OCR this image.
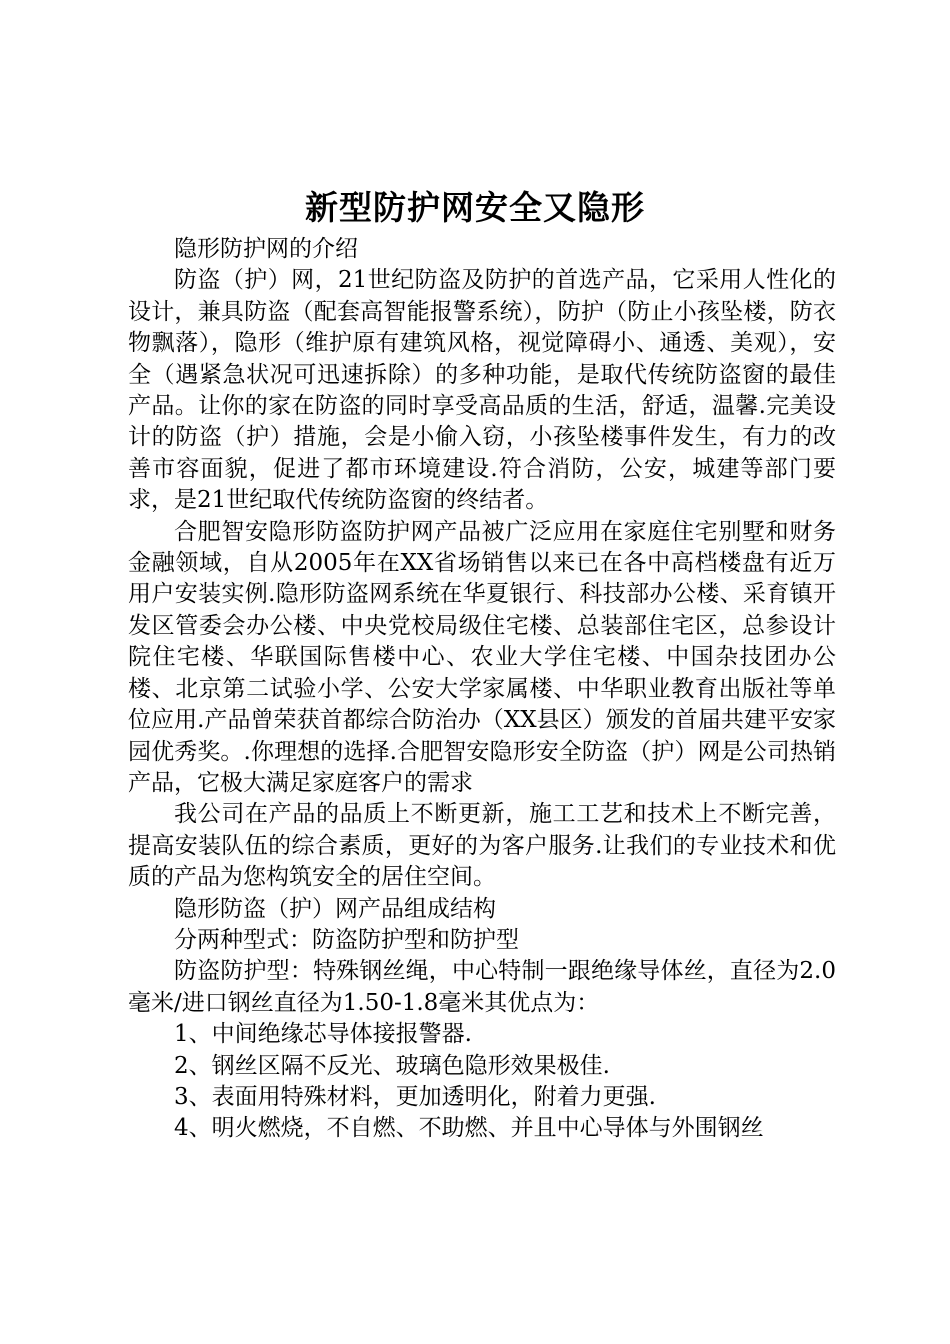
新型防护网安全又隐形

隐形防护网的介绍

防盗（护）网，21世纪防盗及防护的首选产品，它采用人性化的设计，兼具防盗（配套高智能报警系统），防护（防止小孩坠楼，防衣物飘落），隐形（维护原有建筑风格，视觉障碍小、通透、美观），安全（遇紧急状况可迅速拆除）的多种功能，是取代传统防盗窗的最佳产品。让你的家在防盗的同时享受高品质的生活，舒适，温馨.完美设计的防盗（护）措施，会是小偷入窃，小孩坠楼事件发生，有力的改善市容面貌，促进了都市环境建设.符合消防，公安，城建等部门要求，是21世纪取代传统防盗窗的终结者。

合肥智安隐形防盗防护网产品被广泛应用在家庭住宅别墅和财务金融领域，自从2005年在XX省场销售以来已在各中高档楼盘有近万用户安装实例.隐形防盗网系统在华夏银行、科技部办公楼、采育镇开发区管委会办公楼、中央党校局级住宅楼、总装部住宅区，总参设计院住宅楼、华联国际售楼中心、农业大学住宅楼、中国杂技团办公楼、北京第二试验小学、公安大学家属楼、中华职业教育出版社等单位应用.产品曾荣获首都综合防治办（XX县区）颁发的首届共建平安家园优秀奖。.你理想的选择.合肥智安隐形安全防盗（护）网是公司热销产品，它极大满足家庭客户的需求

我公司在产品的品质上不断更新，施工工艺和技术上不断完善，提高安装队伍的综合素质，更好的为客户服务.让我们的专业技术和优质的产品为您构筑安全的居住空间。

隐形防盗（护）网产品组成结构

分两种型式：防盗防护型和防护型

防盗防护型：特殊钢丝绳，中心特制一跟绝缘导体丝，直径为2.0毫米/进口钢丝直径为1.50-1.8毫米其优点为：

1、中间绝缘芯导体接报警器.

2、钢丝区隔不反光、玻璃色隐形效果极佳.

3、表面用特殊材料，更加透明化，附着力更强.

4、明火燃烧，不自燃、不助燃、并且中心导体与外围钢丝
